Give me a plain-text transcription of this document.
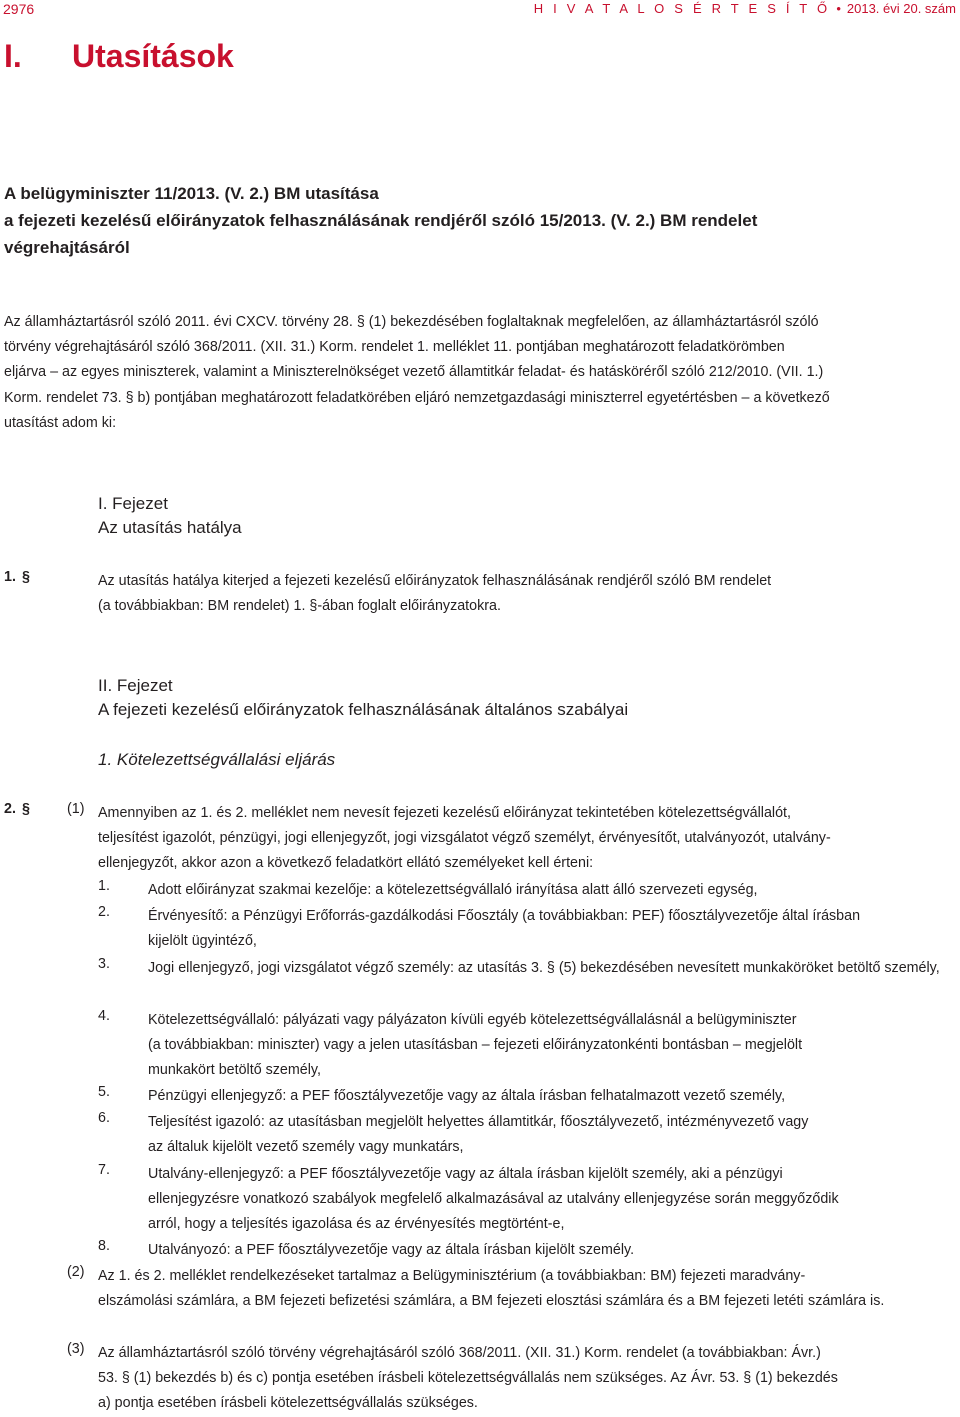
2976	H I V A T A L O S É R T E S Í T Ő • 2013. évi 20. szám
I. Utasítások
A belügyminiszter 11/2013. (V. 2.) BM utasítása
a fejezeti kezelésű előirányzatok felhasználásának rendjéről szóló 15/2013. (V. 2.) BM rendelet
végrehajtásáról
Az államháztartásról szóló 2011. évi CXCV. törvény 28. § (1) bekezdésében foglaltaknak megfelelően, az államháztartásról szóló
törvény végrehajtásáról szóló 368/2011. (XII. 31.) Korm. rendelet 1. melléklet 11. pontjában meghatározott feladatkörömben
eljárva – az egyes miniszterek, valamint a Miniszterelnökséget vezető államtitkár feladat- és hatásköréről szóló 212/2010. (VII. 1.)
Korm. rendelet 73. § b) pontjában meghatározott feladatkörében eljáró nemzetgazdasági miniszterrel egyetértésben – a következő
utasítást adom ki:
I. Fejezet
Az utasítás hatálya
1. §	Az utasítás hatálya kiterjed a fejezeti kezelésű előirányzatok felhasználásának rendjéről szóló BM rendelet (a továbbiakban: BM rendelet) 1. §-ában foglalt előirányzatokra.
II. Fejezet
A fejezeti kezelésű előirányzatok felhasználásának általános szabályai
1. Kötelezettségvállalási eljárás
2. §	(1) Amennyiben az 1. és 2. melléklet nem nevesít fejezeti kezelésű előirányzat tekintetében kötelezettségvállalót, teljesítést igazolót, pénzügyi, jogi ellenjegyzőt, jogi vizsgálatot végző személyt, érvényesítőt, utalványozót, utalvány- ellenjegyzőt, akkor azon a következő feladatkört ellátó személyeket kell érteni:
1.	Adott előirányzat szakmai kezelője: a kötelezettségvállaló irányítása alatt álló szervezeti egység,
2.	Érvényesítő: a Pénzügyi Erőforrás-gazdálkodási Főosztály (a továbbiakban: PEF) főosztályvezetője által írásban kijelölt ügyintéző,
3.	Jogi ellenjegyző, jogi vizsgálatot végző személy: az utasítás 3. § (5) bekezdésében nevesített munkaköröket betöltő személy,
4.	Kötelezettségvállaló: pályázati vagy pályázaton kívüli egyéb kötelezettségvállalásnál a belügyminiszter (a továbbiakban: miniszter) vagy a jelen utasításban – fejezeti előirányzatonkénti bontásban – megjelölt munkakört betöltő személy,
5.	Pénzügyi ellenjegyző: a PEF főosztályvezetője vagy az általa írásban felhatalmazott vezető személy,
6.	Teljesítést igazoló: az utasításban megjelölt helyettes államtitkár, főosztályvezető, intézményvezető vagy az általuk kijelölt vezető személy vagy munkatárs,
7.	Utalvány-ellenjegyző: a PEF főosztályvezetője vagy az általa írásban kijelölt személy, aki a pénzügyi ellenjegyzésre vonatkozó szabályok megfelelő alkalmazásával az utalvány ellenjegyzése során meggyőződik arról, hogy a teljesítés igazolása és az érvényesítés megtörtént-e,
8.	Utalványozó: a PEF főosztályvezetője vagy az általa írásban kijelölt személy.
(2) Az 1. és 2. melléklet rendelkezéseket tartalmaz a Belügyminisztérium (a továbbiakban: BM) fejezeti maradvány- elszámolási számlára, a BM fejezeti befizetési számlára, a BM fejezeti elosztási számlára és a BM fejezeti letéti számlára is.
(3) Az államháztartásról szóló törvény végrehajtásáról szóló 368/2011. (XII. 31.) Korm. rendelet (a továbbiakban: Ávr.) 53. § (1) bekezdés b) és c) pontja esetében írásbeli kötelezettségvállalás nem szükséges. Az Ávr. 53. § (1) bekezdés a) pontja esetében írásbeli kötelezettségvállalás szükséges.
